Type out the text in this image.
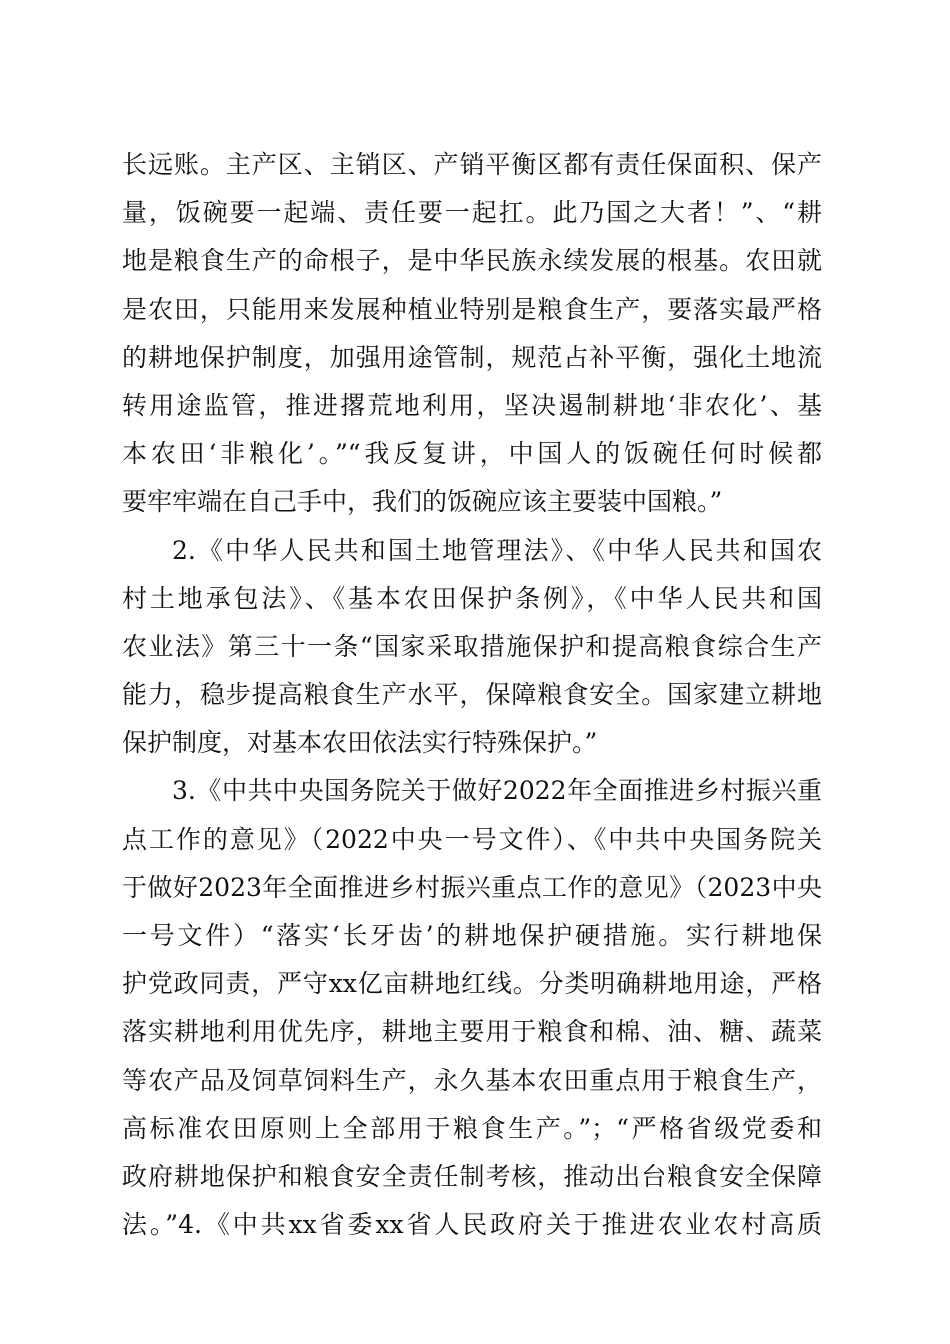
长远账。主产区、主销区、产销平衡区都有责任保面积、保产
量，饭碗要一起端、责任要一起扛。此乃国之大者！”、“耕
地是粮食生产的命根子，是中华民族永续发展的根基。农田就
是农田，只能用来发展种植业特别是粮食生产，要落实最严格
的耕地保护制度，加强用途管制，规范占补平衡，强化土地流
转用途监管，推进撂荒地利用，坚决遏制耕地‘非农化’、基
本农田‘非粮化’。”“我反复讲，中国人的饭碗任何时候都
要牢牢端在自己手中，我们的饭碗应该主要装中国粮。”
2.《中华人民共和国土地管理法》、《中华人民共和国农
村土地承包法》、《基本农田保护条例》，《中华人民共和国
农业法》第三十一条“国家采取措施保护和提高粮食综合生产
能力，稳步提高粮食生产水平，保障粮食安全。国家建立耕地
保护制度，对基本农田依法实行特殊保护。”
3.《中共中央国务院关于做好2022年全面推进乡村振兴重
点工作的意见》（2022中央一号文件）、《中共中央国务院关
于做好2023年全面推进乡村振兴重点工作的意见》（2023中央
一号文件）“落实‘长牙齿’的耕地保护硬措施。实行耕地保
护党政同责，严守xx亿亩耕地红线。分类明确耕地用途，严格
落实耕地利用优先序，耕地主要用于粮食和棉、油、糖、蔬菜
等农产品及饲草饲料生产，永久基本农田重点用于粮食生产，
高标准农田原则上全部用于粮食生产。”；“严格省级党委和
政府耕地保护和粮食安全责任制考核，推动出台粮食安全保障
法。”4.《中共xx省委xx省人民政府关于推进农业农村高质
